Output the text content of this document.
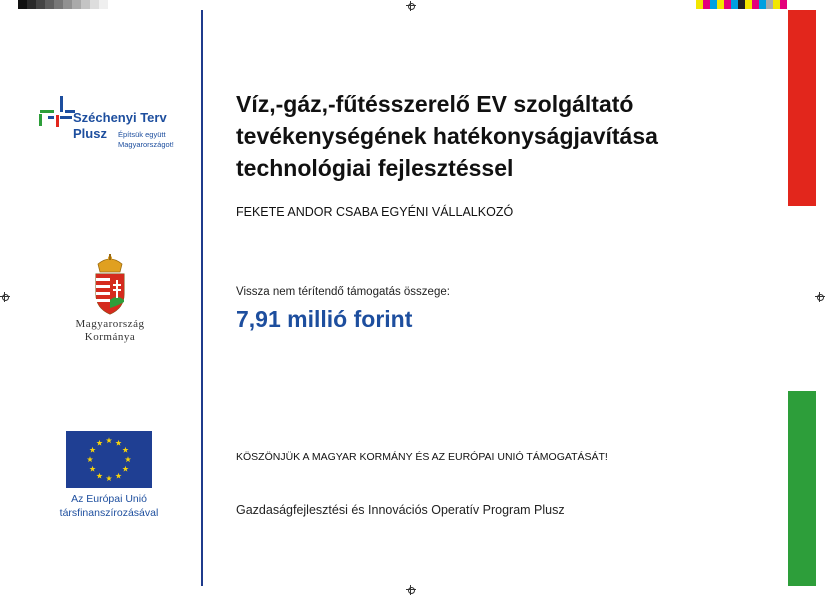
Széchenyi Terv
Plusz Építsük együtt
Magyarországot!
Magyarország
Kormánya
Az Európai Unió
társfinanszírozásával
Víz,-gáz,-fűtésszerelő EV szolgáltató
tevékenységének hatékonyságjavítása
technológiai fejlesztéssel
FEKETE ANDOR CSABA EGYÉNI VÁLLALKOZÓ
Vissza nem térítendő támogatás összege:
7,91 millió forint
KÖSZÖNJÜK A MAGYAR KORMÁNY ÉS AZ EURÓPAI UNIÓ TÁMOGATÁSÁT!
Gazdaságfejlesztési és Innovációs Operatív Program Plusz
